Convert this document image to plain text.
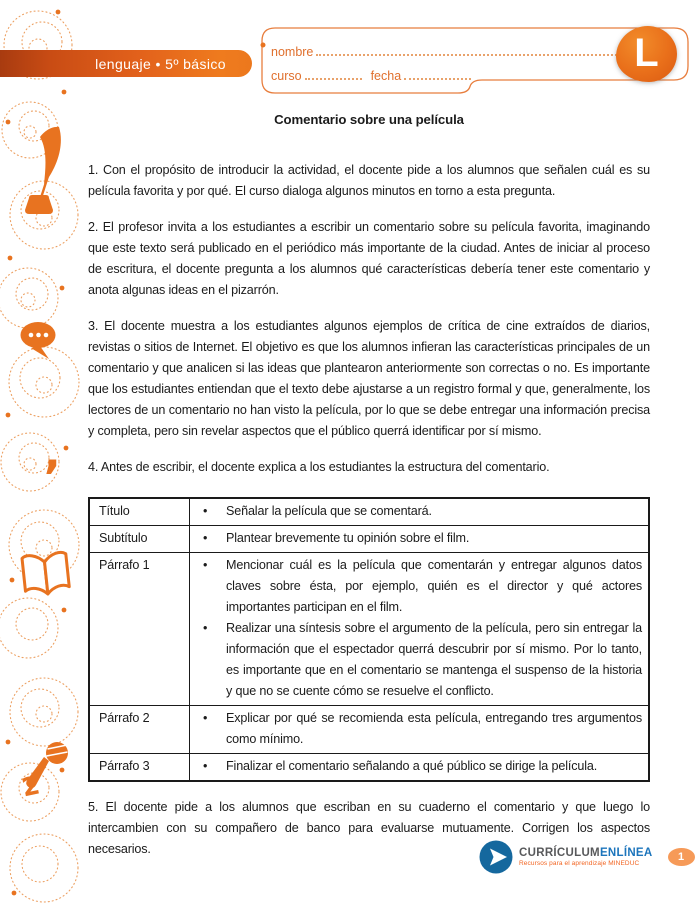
,
2
lenguaje • 5º básico
nombre
curso	fecha
L
Comentario sobre una película

1. Con el propósito de introducir la actividad, el docente pide a los alumnos que señalen cuál es su película favorita y por qué. El curso dialoga algunos minutos en torno a esta pregunta.

2. El profesor invita a los estudiantes a escribir un comentario sobre su película favorita, imaginando que este texto será publicado en el periódico más importante de la ciudad. Antes de iniciar al proceso de escritura, el docente pregunta a los alumnos qué características debería tener este comentario y anota algunas ideas en el pizarrón.

3. El docente muestra a los estudiantes algunos ejemplos de crítica de cine extraídos de diarios, revistas o sitios de Internet. El objetivo es que los alumnos infieran las características principales de un comentario y que analicen si las ideas que plantearon anteriormente son correctas o no. Es importante que los estudiantes entiendan que el texto debe ajustarse a un registro formal y que, generalmente, los lectores de un comentario no han visto la película, por lo que se debe entregar una información precisa y completa, pero sin revelar aspectos que el público querrá identificar por sí mismo.

4. Antes de escribir, el docente explica a los estudiantes la estructura del comentario.

Título	• Señalar la película que se comentará.

Subtítulo	• Plantear brevemente tu opinión sobre el film.

Párrafo 1	• Mencionar cuál es la película que comentarán y entregar algunos datos claves sobre ésta, por ejemplo, quién es el director y qué actores importantes participan en el film.
• Realizar una síntesis sobre el argumento de la película, pero sin entregar la información que el espectador querrá descubrir por sí mismo. Por lo tanto, es importante que en el comentario se mantenga el suspenso de la historia y que no se cuente cómo se resuelve el conflicto.

Párrafo 2	• Explicar por qué se recomienda esta película, entregando tres argumentos como mínimo.

Párrafo 3	• Finalizar el comentario señalando a qué público se dirige la película.

5. El docente pide a los alumnos que escriban en su cuaderno el comentario y que luego lo intercambien con su compañero de banco para evaluarse mutuamente. Corrigen los aspectos necesarios.	CURRÍCULUMENLÍNEA
Recursos para el aprendizaje MINEDUC
1
